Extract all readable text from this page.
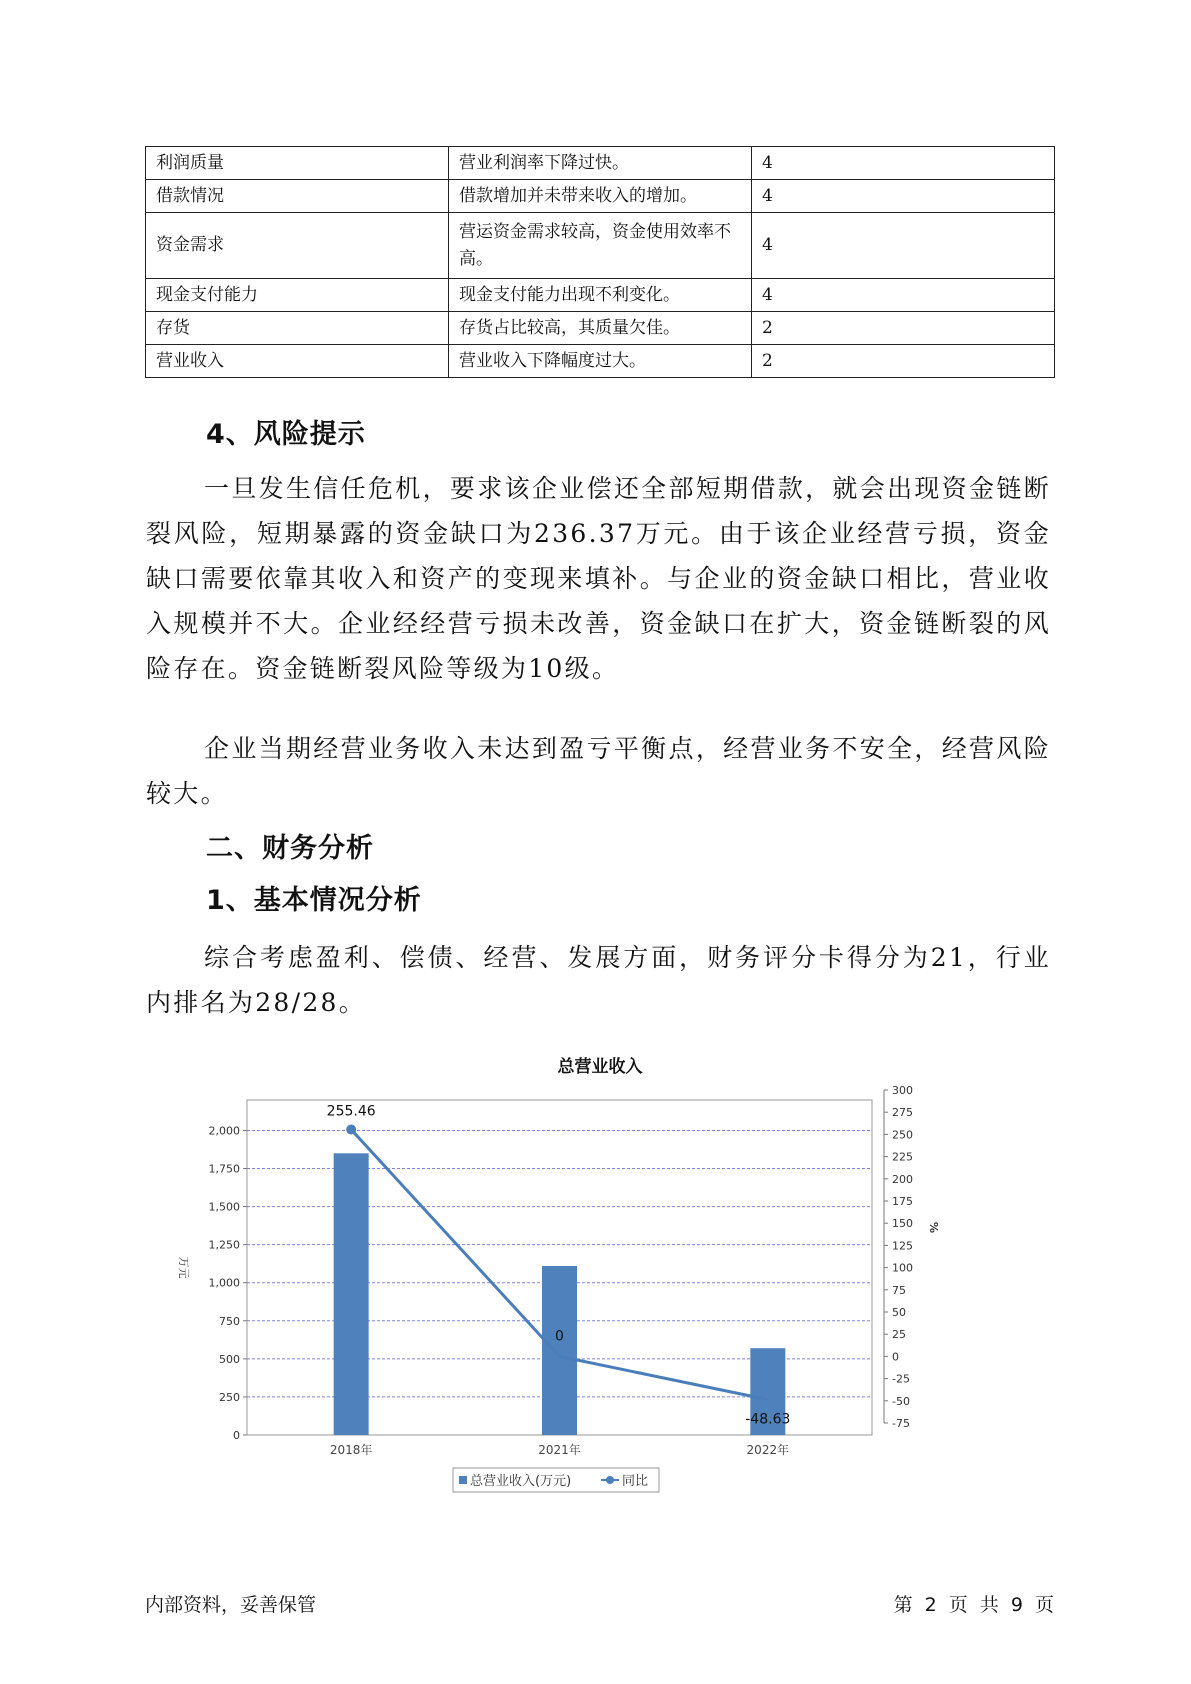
利润质量	营业利润率下降过快。	4
借款情况	借款增加并未带来收入的增加。	4
资金需求	营运资金需求较高，资金使用效率不高。	4
现金支付能力	现金支付能力出现不利变化。	4
存货	存货占比较高，其质量欠佳。	2
营业收入	营业收入下降幅度过大。	2
4、风险提示
一旦发生信任危机，要求该企业偿还全部短期借款，就会出现资金链断裂风险，短期暴露的资金缺口为236.37万元。由于该企业经营亏损，资金缺口需要依靠其收入和资产的变现来填补。与企业的资金缺口相比，营业收入规模并不大。企业经经营亏损未改善，资金缺口在扩大，资金链断裂的风险存在。资金链断裂风险等级为10级。
企业当期经营业务收入未达到盈亏平衡点，经营业务不安全，经营风险较大。
二、财务分析
1、基本情况分析
综合考虑盈利、偿债、经营、发展方面，财务评分卡得分为21，行业内排名为28/28。
总营业收入
0
250
500
750
1,000
1,250
1,500
1,750
2,000
-75
-50
-25
0
25
50
75
100
125
150
175
200
225
250
275
300
万元
%
2018年	2021年	2022年
255.46
0
-48.63
总营业收入(万元)	同比
内部资料，妥善保管	第 2 页 共 9 页
